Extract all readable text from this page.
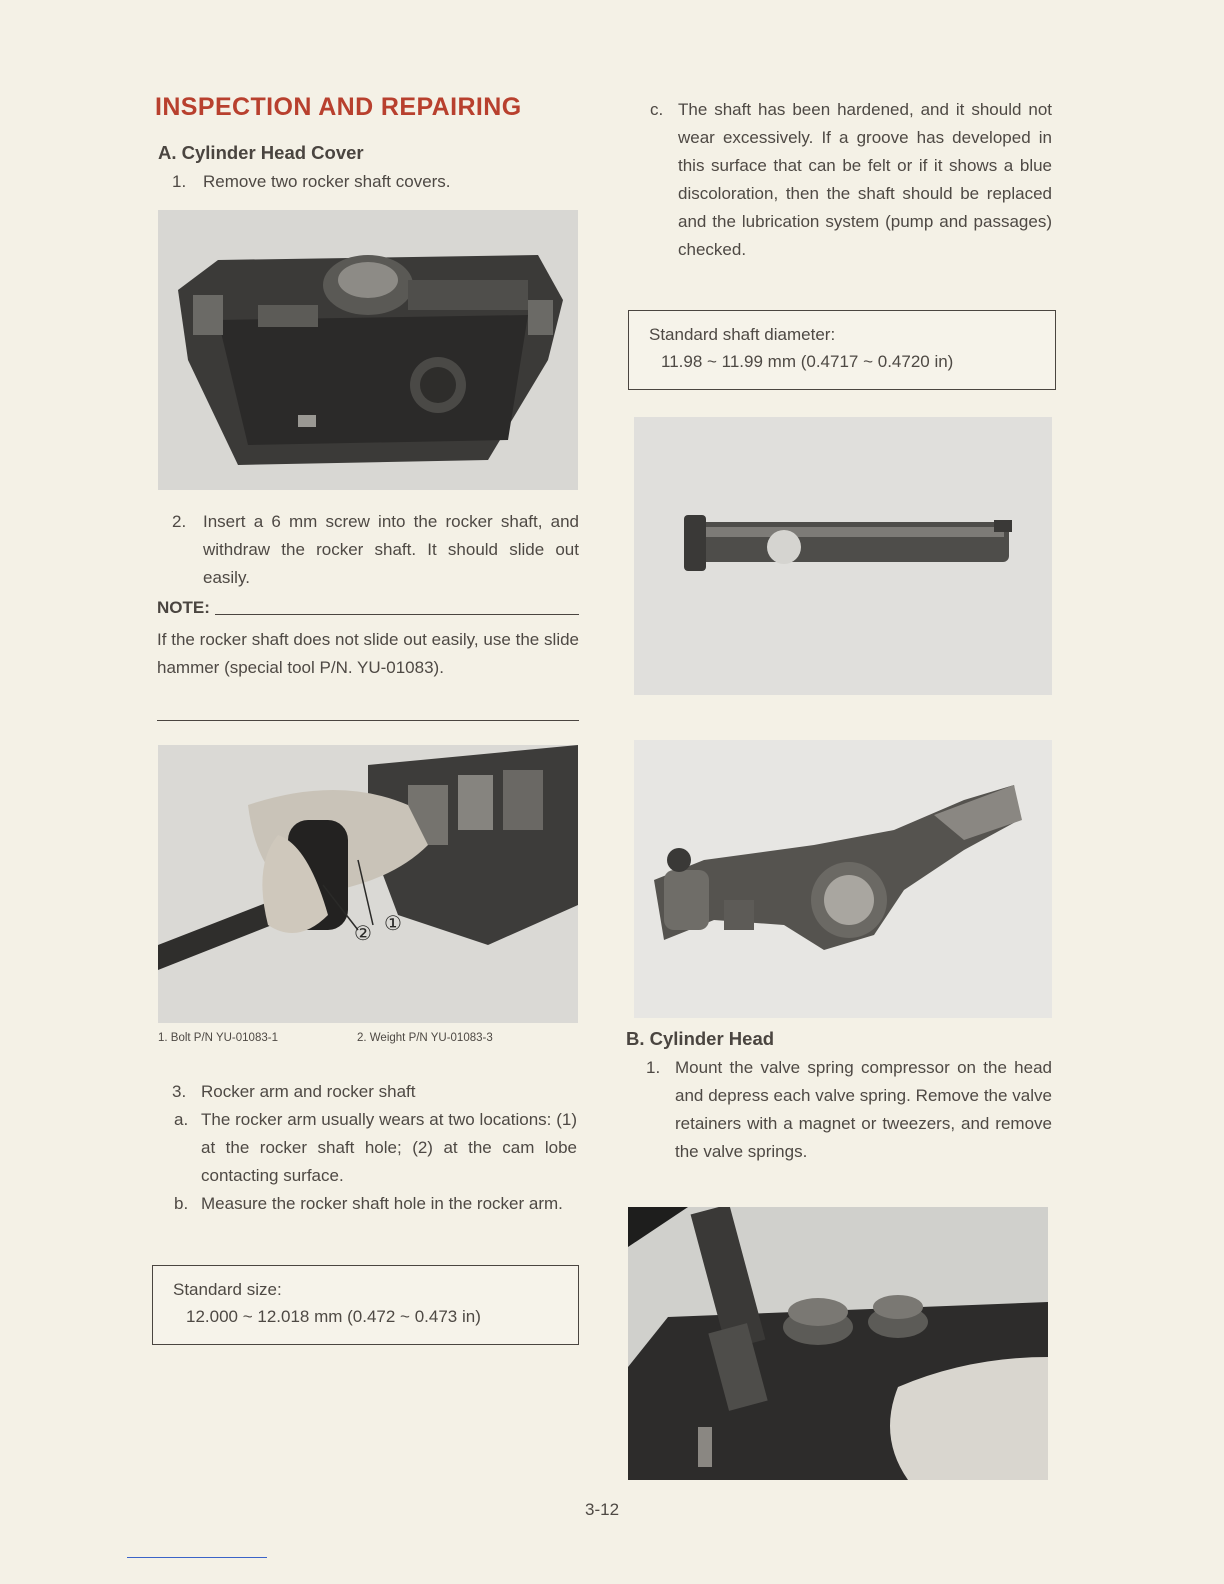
INSPECTION AND REPAIRING
A. Cylinder Head Cover
1. Remove two rocker shaft covers.
2. Insert a 6 mm screw into the rocker shaft, and withdraw the rocker shaft. It should slide out easily.
NOTE:
If the rocker shaft does not slide out easily, use the slide hammer (special tool P/N. YU-01083).
② ①
1. Bolt P/N YU-01083-1	2. Weight P/N YU-01083-3
3. Rocker arm and rocker shaft
a. The rocker arm usually wears at two locations: (1) at the rocker shaft hole; (2) at the cam lobe contacting surface.
b. Measure the rocker shaft hole in the rocker arm.
Standard size:
12.000 ~ 12.018 mm (0.472 ~ 0.473 in)
c. The shaft has been hardened, and it should not wear excessively. If a groove has developed in this surface that can be felt or if it shows a blue discoloration, then the shaft should be replaced and the lubrication system (pump and passages) checked.
Standard shaft diameter:
11.98 ~ 11.99 mm (0.4717 ~ 0.4720 in)
B. Cylinder Head
1. Mount the valve spring compressor on the head and depress each valve spring. Remove the valve retainers with a magnet or tweezers, and remove the valve springs.
3-12
